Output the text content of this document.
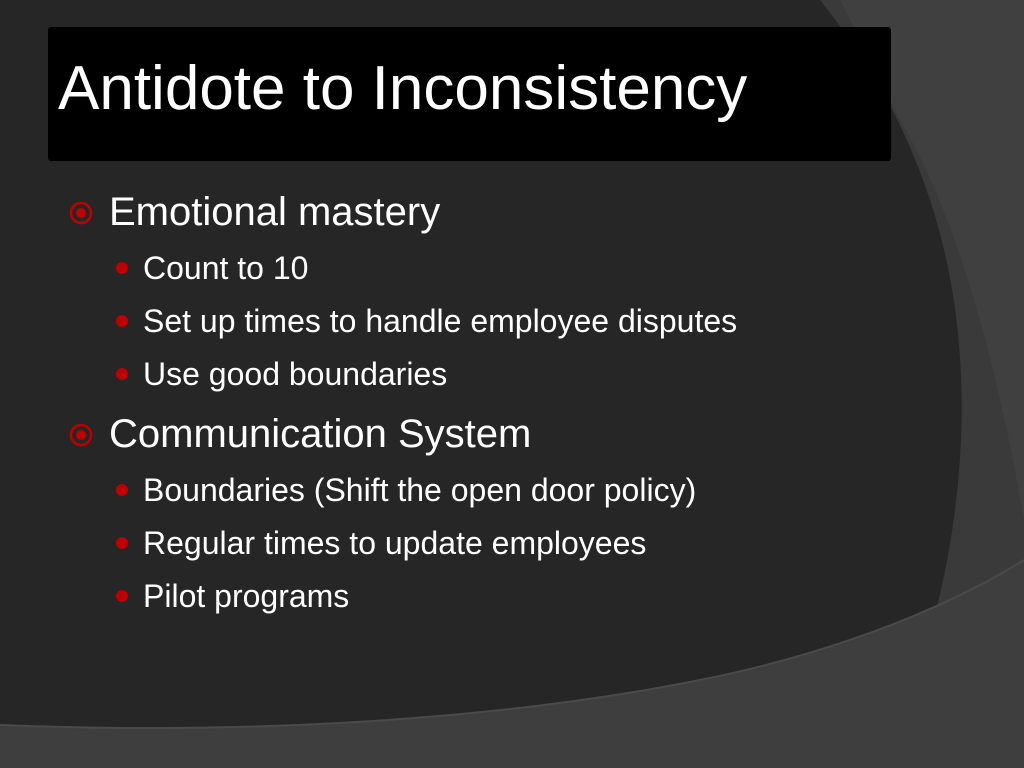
Antidote to Inconsistency
Emotional mastery
Count to 10
Set up times to handle employee disputes
Use good boundaries
Communication System
Boundaries (Shift the open door policy)
Regular times to update employees
Pilot programs
